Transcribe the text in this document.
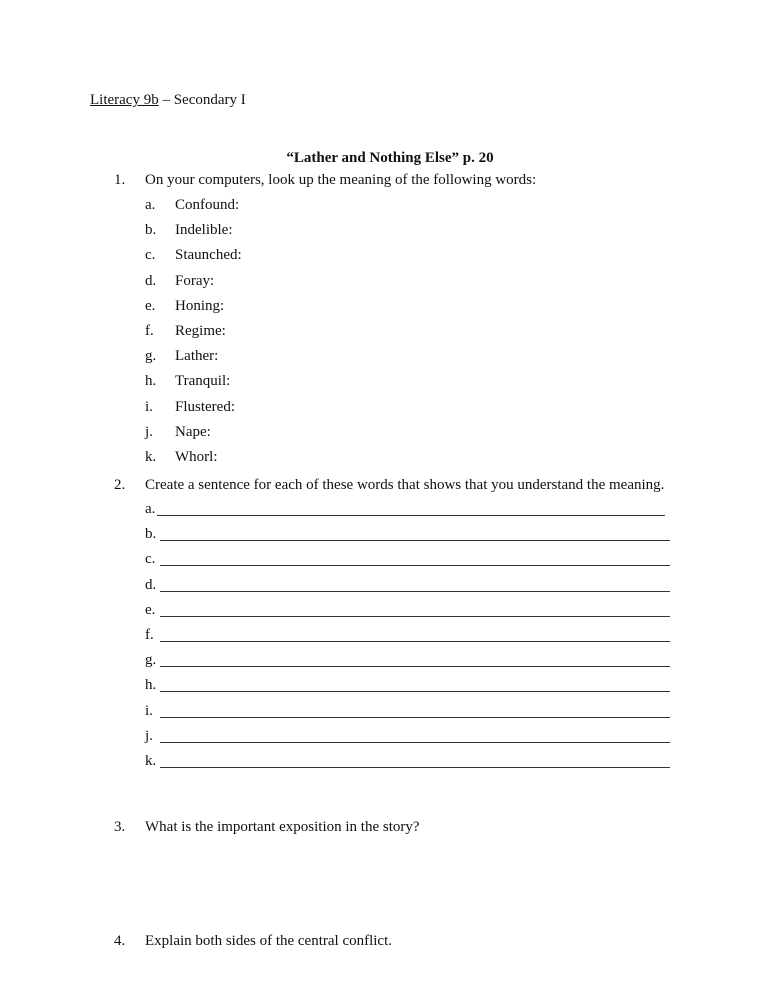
Literacy 9b – Secondary I
“Lather and Nothing Else” p. 20
1. On your computers, look up the meaning of the following words:
a. Confound:
b. Indelible:
c. Staunched:
d. Foray:
e. Honing:
f. Regime:
g. Lather:
h. Tranquil:
i. Flustered:
j. Nape:
k. Whorl:
2. Create a sentence for each of these words that shows that you understand the meaning.
a.
b.
c.
d.
e.
f.
g.
h.
i.
j.
k.
3. What is the important exposition in the story?
4. Explain both sides of the central conflict.
